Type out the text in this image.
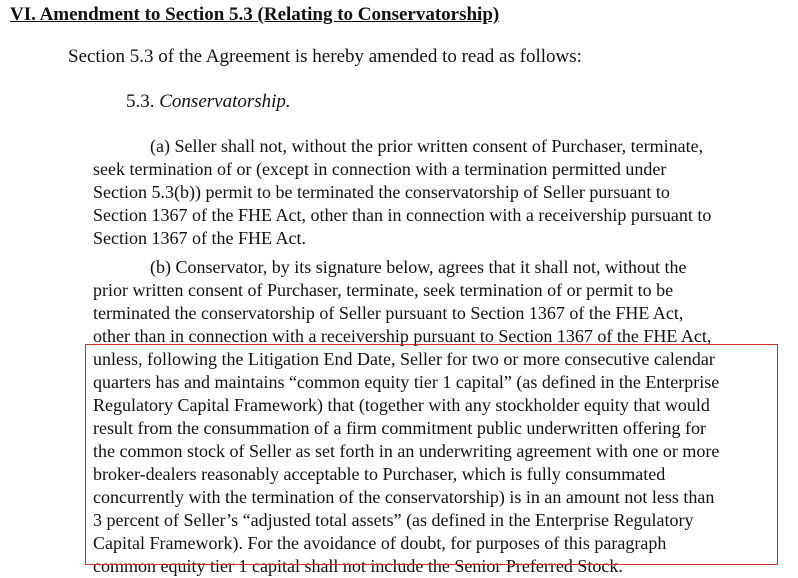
VI. Amendment to Section 5.3 (Relating to Conservatorship)
Section 5.3 of the Agreement is hereby amended to read as follows:
5.3. Conservatorship.
(a) Seller shall not, without the prior written consent of Purchaser, terminate,
seek termination of or (except in connection with a termination permitted under
Section 5.3(b)) permit to be terminated the conservatorship of Seller pursuant to
Section 1367 of the FHE Act, other than in connection with a receivership pursuant to
Section 1367 of the FHE Act.
(b) Conservator, by its signature below, agrees that it shall not, without the
prior written consent of Purchaser, terminate, seek termination of or permit to be
terminated the conservatorship of Seller pursuant to Section 1367 of the FHE Act,
other than in connection with a receivership pursuant to Section 1367 of the FHE Act,
unless, following the Litigation End Date, Seller for two or more consecutive calendar
quarters has and maintains “common equity tier 1 capital” (as defined in the Enterprise
Regulatory Capital Framework) that (together with any stockholder equity that would
result from the consummation of a firm commitment public underwritten offering for
the common stock of Seller as set forth in an underwriting agreement with one or more
broker-dealers reasonably acceptable to Purchaser, which is fully consummated
concurrently with the termination of the conservatorship) is in an amount not less than
3 percent of Seller’s “adjusted total assets” (as defined in the Enterprise Regulatory
Capital Framework). For the avoidance of doubt, for purposes of this paragraph
common equity tier 1 capital shall not include the Senior Preferred Stock.
